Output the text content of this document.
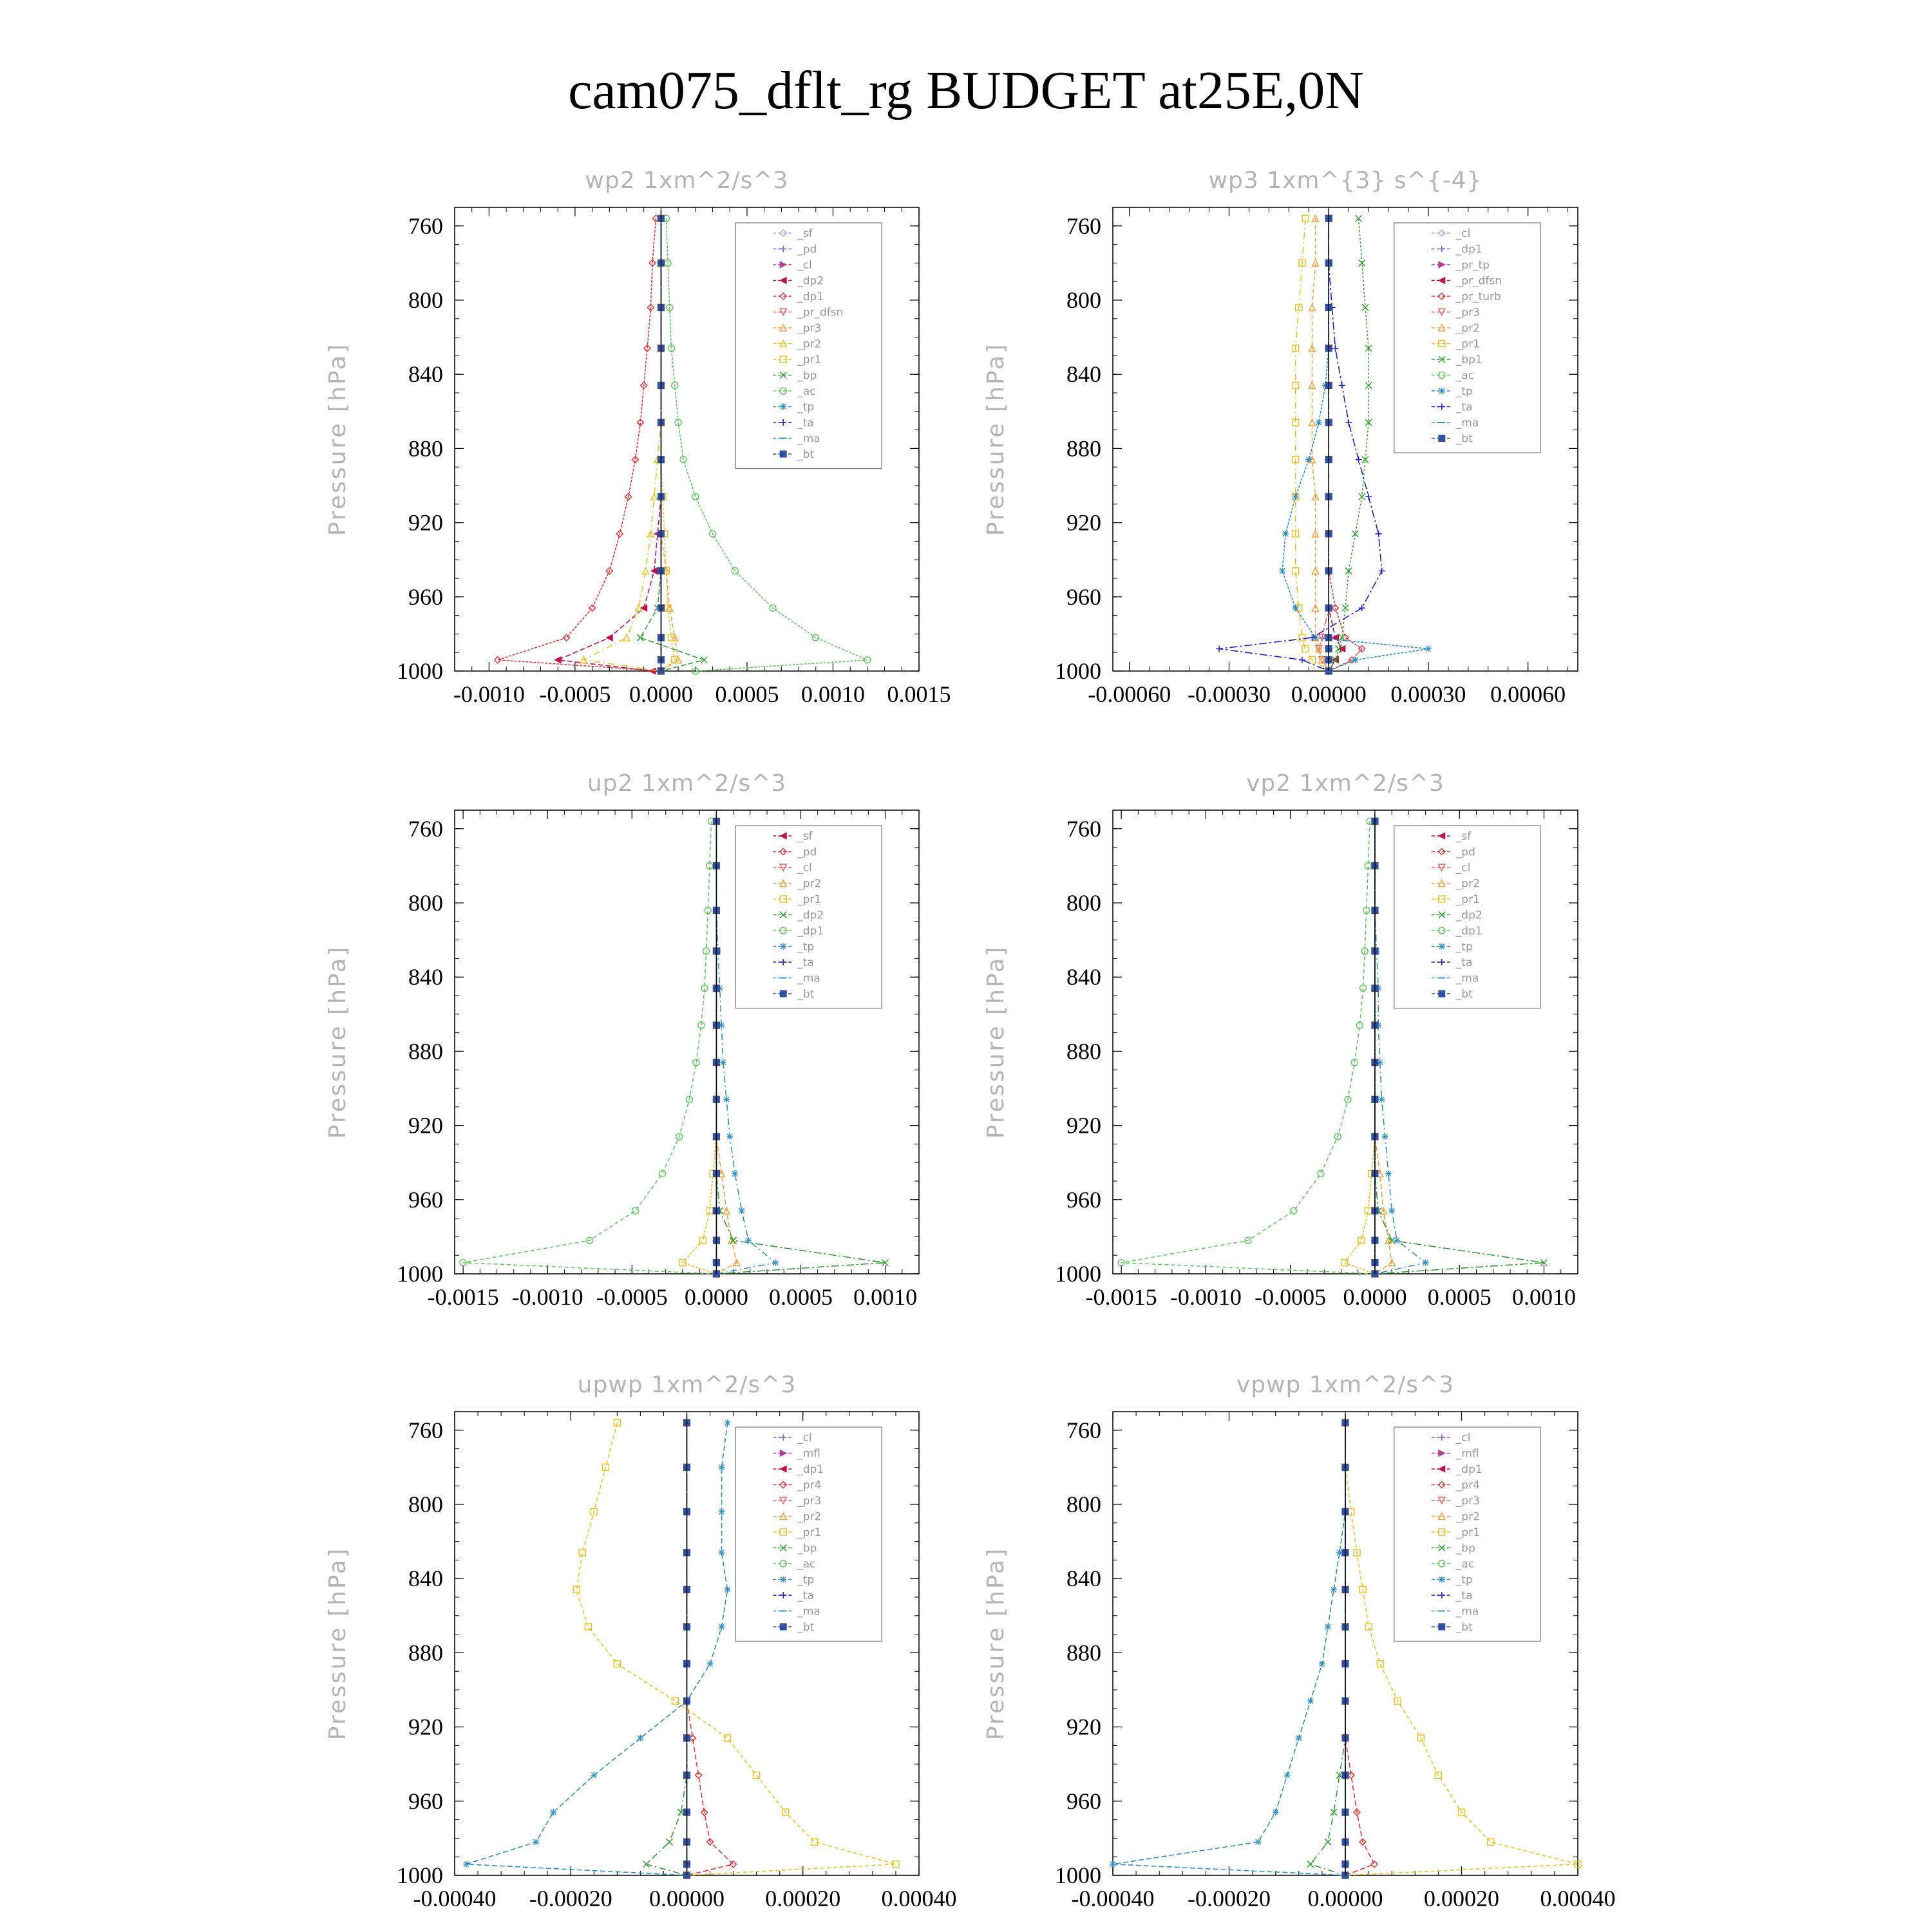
cam075_dflt_rg BUDGET at25E,0N
wp2 1xm^2/s^3
Pressure [hPa]
760
800
840
880
920
960
1000
-0.0010 -0.0005 0.0000 0.0005 0.0010 0.0015
_sf
_pd
_cl
_dp2
_dp1
_pr_dfsn
_pr3
_pr2
_pr1
_bp
_ac
_tp
_ta
_ma
_bt
wp3 1xm^{3} s^{-4}
Pressure [hPa]
760
800
840
880
920
960
1000
-0.00060 -0.00030 0.00000 0.00030 0.00060
_cl
_dp1
_pr_tp
_pr_dfsn
_pr_turb
_pr3
_pr2
_pr1
_bp1
_ac
_tp
_ta
_ma
_bt
up2 1xm^2/s^3
Pressure [hPa]
760
800
840
880
920
960
1000
-0.0015 -0.0010 -0.0005 0.0000 0.0005 0.0010
_sf
_pd
_cl
_pr2
_pr1
_dp2
_dp1
_tp
_ta
_ma
_bt
vp2 1xm^2/s^3
Pressure [hPa]
760
800
840
880
920
960
1000
-0.0015 -0.0010 -0.0005 0.0000 0.0005 0.0010
_sf
_pd
_cl
_pr2
_pr1
_dp2
_dp1
_tp
_ta
_ma
_bt
upwp 1xm^2/s^3
Pressure [hPa]
760
800
840
880
920
960
1000
-0.00040 -0.00020 0.00000 0.00020 0.00040
_cl
_mfl
_dp1
_pr4
_pr3
_pr2
_pr1
_bp
_ac
_tp
_ta
_ma
_bt
vpwp 1xm^2/s^3
Pressure [hPa]
760
800
840
880
920
960
1000
-0.00040 -0.00020 0.00000 0.00020 0.00040
_cl
_mfl
_dp1
_pr4
_pr3
_pr2
_pr1
_bp
_ac
_tp
_ta
_ma
_bt
